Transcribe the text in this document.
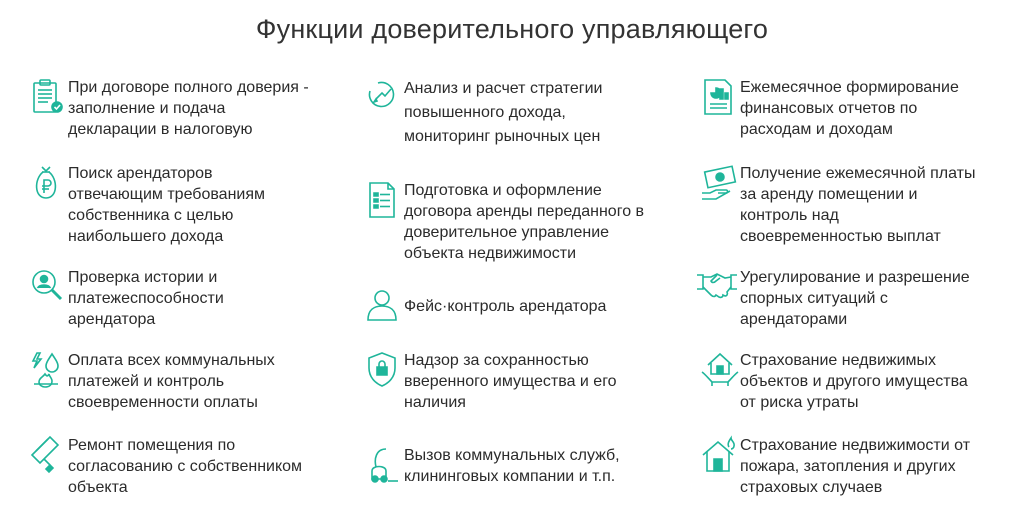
Функции доверительного управляющего
При договоре полного доверия -
заполнение и подача
декларации в налоговую
Поиск арендаторов
отвечающим требованиям
собственника с целью
наибольшего дохода
Проверка истории и
платежеспособности
арендатора
Оплата всех коммунальных
платежей и контроль
своевременности оплаты
Ремонт помещения по
согласованию с собственником
объекта
Анализ и расчет стратегии
повышенного дохода,
мониторинг рыночных цен
Подготовка и оформление
договора аренды переданного в
доверительное управление
объекта недвижимости
Фейс·контроль арендатора
Надзор за сохранностью
вверенного имущества и его
наличия
Вызов коммунальных служб,
клининговых компании и т.п.
Ежемесячное формирование
финансовых отчетов по
расходам и доходам
Получение ежемесячной платы
за аренду помещении и
контроль над
своевременностью выплат
Урегулирование и разрешение
спорных ситуаций с
арендаторами
Страхование недвижимых
объектов и другого имущества
от риска утраты
Страхование недвижимости от
пожара, затопления и других
страховых случаев
